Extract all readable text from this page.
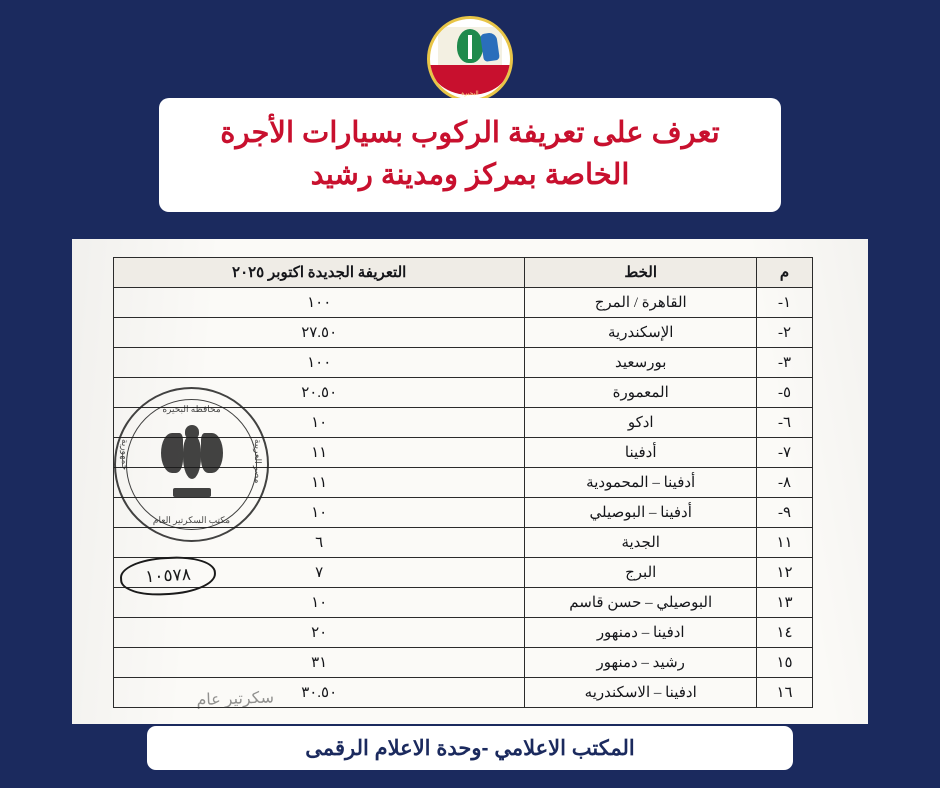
البحيرة
تعرف على تعريفة الركوب بسيارات الأجرة
الخاصة بمركز ومدينة رشيد
م	الخط	التعريفة الجديدة اكتوبر ٢٠٢٥
١-	القاهرة / المرج	١٠٠
٢-	الإسكندرية	٢٧.٥٠
٣-	بورسعيد	١٠٠
٥-	المعمورة	٢٠.٥٠
٦-	ادكو	١٠
٧-	أدفينا	١١
٨-	أدفينا – المحمودية	١١
٩-	أدفينا – البوصيلي	١٠
١١	الجدية	٦
١٢	البرج	٧
١٣	البوصيلي – حسن قاسم	١٠
١٤	ادفينا – دمنهور	٢٠
١٥	رشيد – دمنهور	٣١
١٦	ادفينا – الاسكندريه	٣٠.٥٠
محافظة البحيرة
جمهورية	مصر العربية
مكتب السكرتير العام
١٠٥٧٨
سكرتير عام
المكتب الاعلامي -وحدة الاعلام الرقمى
